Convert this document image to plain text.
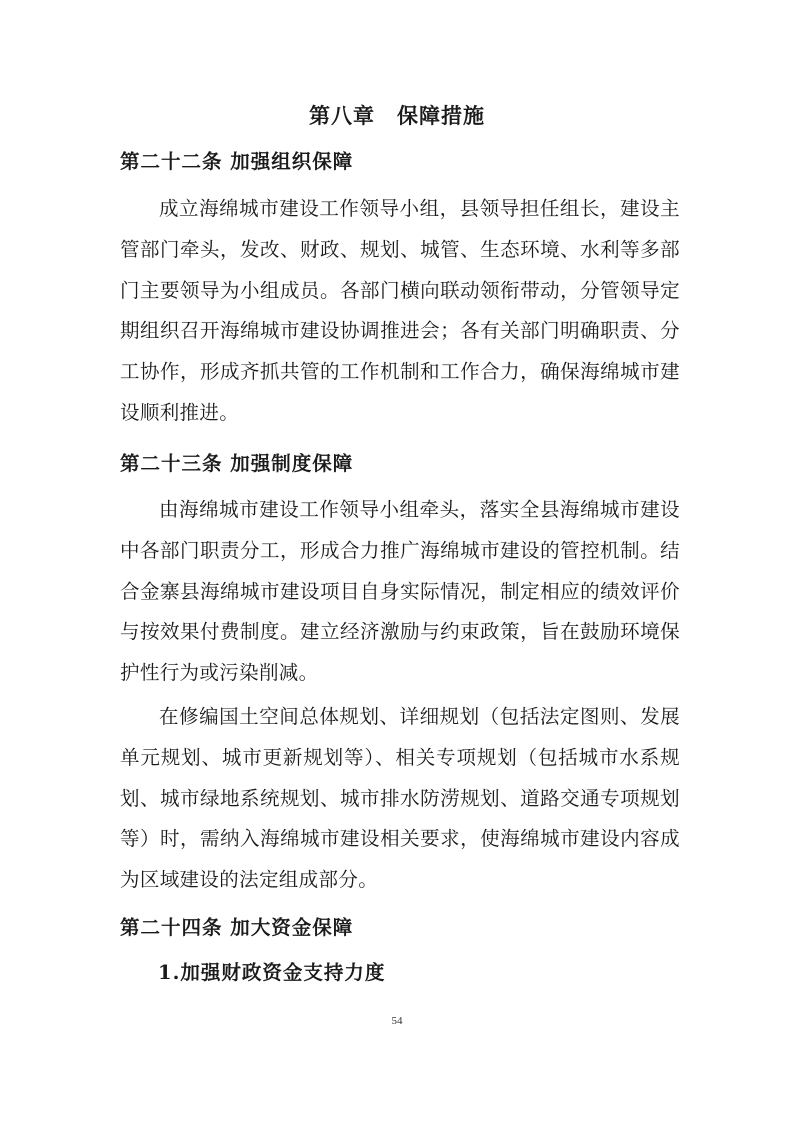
第八章　保障措施
第二十二条 加强组织保障

成立海绵城市建设工作领导小组，县领导担任组长，建设主管部门牵头，发改、财政、规划、城管、生态环境、水利等多部门主要领导为小组成员。各部门横向联动领衔带动，分管领导定期组织召开海绵城市建设协调推进会；各有关部门明确职责、分工协作，形成齐抓共管的工作机制和工作合力，确保海绵城市建设顺利推进。

第二十三条 加强制度保障

由海绵城市建设工作领导小组牵头，落实全县海绵城市建设中各部门职责分工，形成合力推广海绵城市建设的管控机制。结合金寨县海绵城市建设项目自身实际情况，制定相应的绩效评价与按效果付费制度。建立经济激励与约束政策，旨在鼓励环境保护性行为或污染削减。

在修编国土空间总体规划、详细规划（包括法定图则、发展单元规划、城市更新规划等）、相关专项规划（包括城市水系规划、城市绿地系统规划、城市排水防涝规划、道路交通专项规划等）时，需纳入海绵城市建设相关要求，使海绵城市建设内容成为区域建设的法定组成部分。

第二十四条 加大资金保障
1.加强财政资金支持力度
54
